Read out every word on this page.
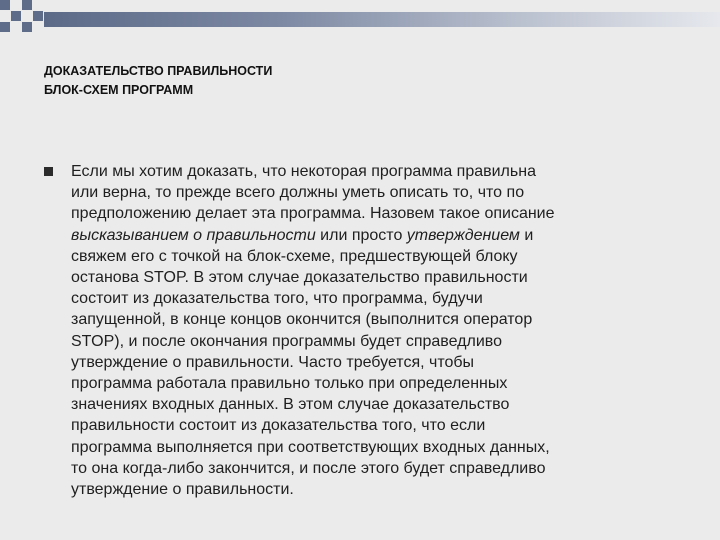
ДОКАЗАТЕЛЬСТВО ПРАВИЛЬНОСТИ
БЛОК-СХЕМ ПРОГРАММ
Если мы хотим доказать, что некоторая программа правильна
или верна, то прежде всего должны уметь описать то, что по
предположению делает эта программа. Назовем такое описание
высказыванием о правильности или просто утверждением и
свяжем его с точкой на блок-схеме, предшествующей блоку
останова STOP. В этом случае доказательство правильности
состоит из доказательства того, что программа, будучи
запущенной, в конце концов окончится (выполнится оператор
STOP), и после окончания программы будет справедливо
утверждение о правильности. Часто требуется, чтобы
программа работала правильно только при определенных
значениях входных данных. В этом случае доказательство
правильности состоит из доказательства того, что если
программа выполняется при соответствующих входных данных,
то она когда-либо закончится, и после этого будет справедливо
утверждение о правильности.
